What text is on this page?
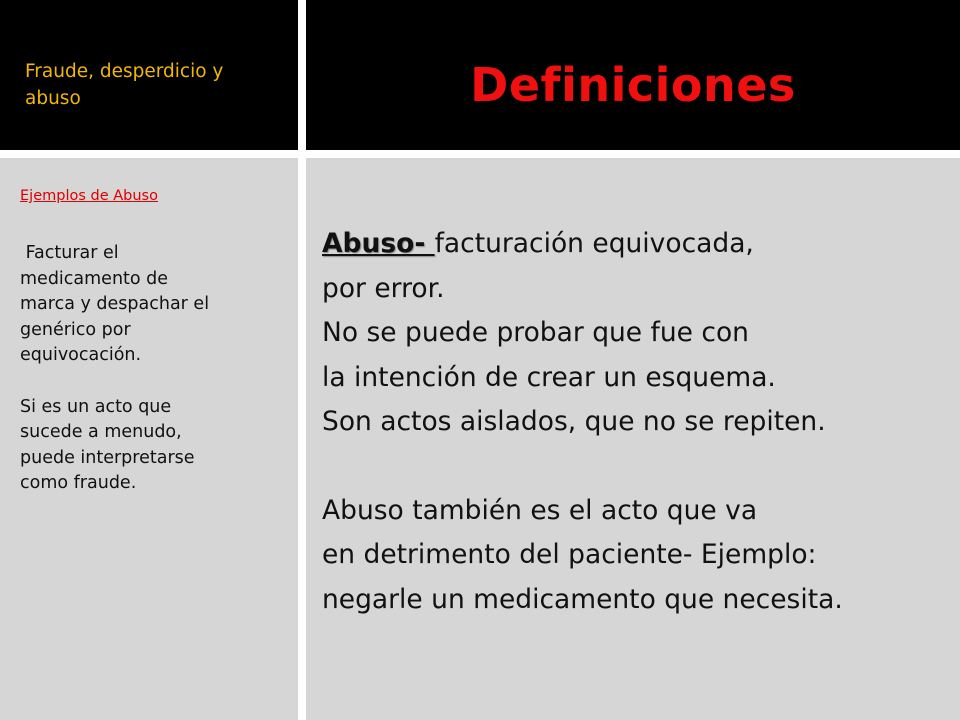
Fraude, desperdicio y
abuso	Definiciones
Ejemplos de Abuso

Facturar el

medicamento de

marca y despachar el

genérico por

equivocación.

Si es un acto que

sucede a menudo,

puede interpretarse

como fraude.

Abuso- facturación equivocada,

por error.

No se puede probar que fue con

la intención de crear un esquema.

Son actos aislados, que no se repiten.

Abuso también es el acto que va

en detrimento del paciente- Ejemplo:

negarle un medicamento que necesita.
